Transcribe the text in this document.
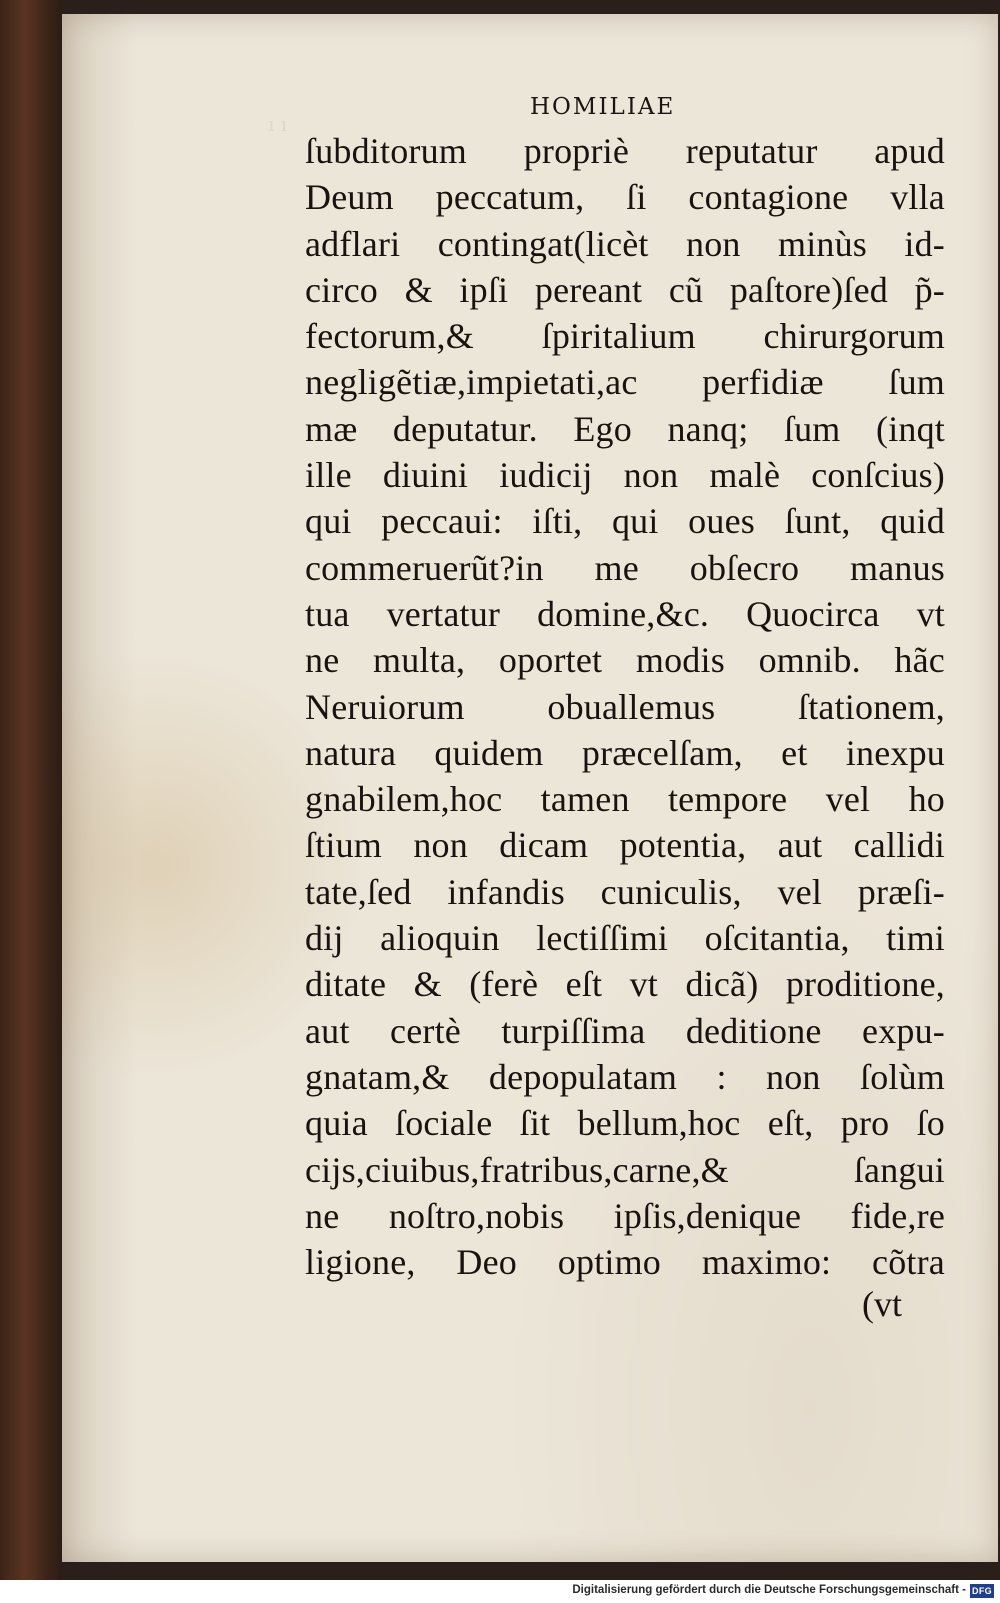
ı ı
HOMILIAE
ſubditorum propriè reputatur apud
Deum peccatum, ſi contagione vlla
adflari contingat(licèt non minùs id-
circo & ipſi pereant cũ paſtore)ſed p̃-
fectorum,& ſpiritalium chirurgorum
negligẽtiæ,impietati,ac perfidiæ ſum
mæ deputatur. Ego nanq; ſum (inqt
ille diuini iudicij non malè conſcius)
qui peccaui: iſti, qui oues ſunt, quid
commeruerũt?in me obſecro manus
tua vertatur domine,&c. Quocirca vt
ne multa, oportet modis omnib. hãc
Neruiorum obuallemus ſtationem,
natura quidem præcelſam, et inexpu
gnabilem,hoc tamen tempore vel ho
ſtium non dicam potentia, aut callidi
tate,ſed infandis cuniculis, vel præſi-
dij alioquin lectiſſimi oſcitantia, timi
ditate & (ferè eſt vt dicã) proditione,
aut certè turpiſſima deditione expu-
gnatam,& depopulatam : non ſolùm
quia ſociale ſit bellum,hoc eſt, pro ſo
cijs,ciuibus,fratribus,carne,& ſangui
ne noſtro,nobis ipſis,denique fide,re
ligione, Deo optimo maximo: cõtra
(vt
Digitalisierung gefördert durch die Deutsche Forschungsgemeinschaft - DFG
